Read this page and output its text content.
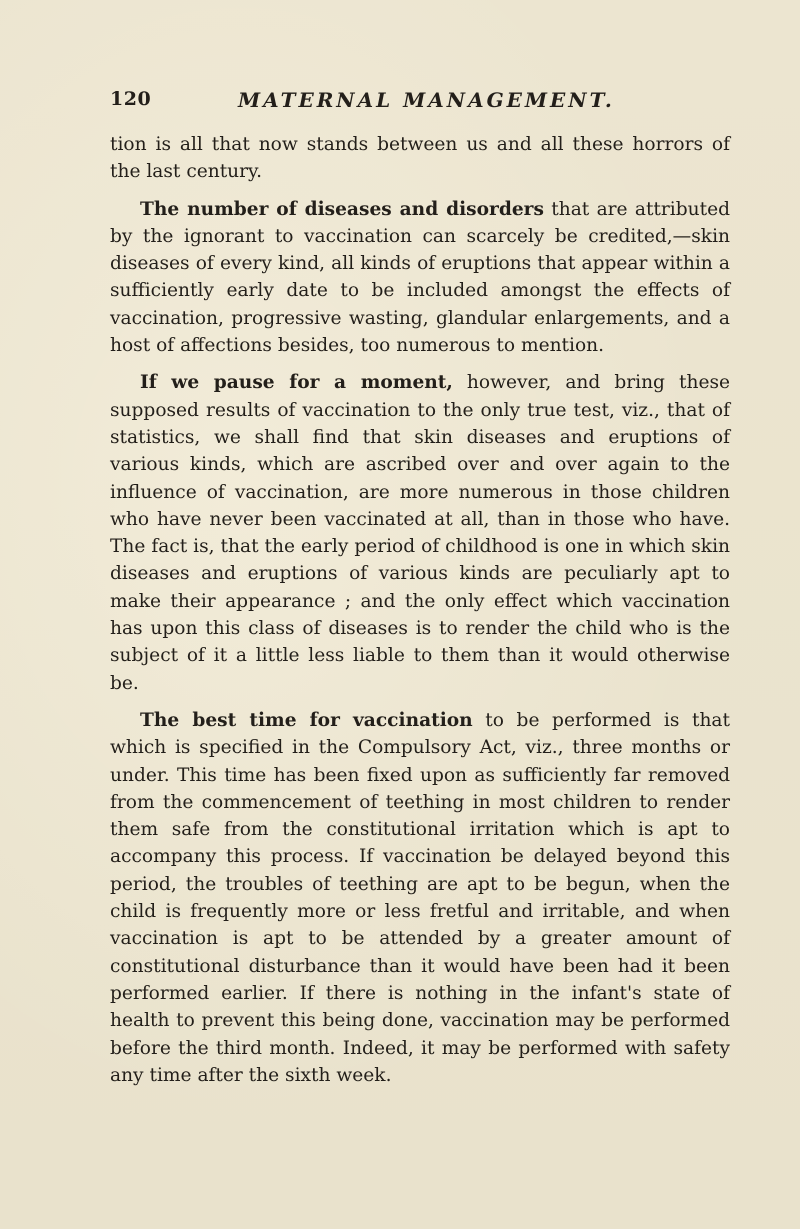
120	MATERNAL MANAGEMENT.

tion is all that now stands between us and all these horrors of the last century.

The number of diseases and disorders that are attributed by the ignorant to vaccination can scarcely be credited,—skin diseases of every kind, all kinds of eruptions that appear within a sufficiently early date to be included amongst the effects of vaccination, progressive wasting, glandular enlargements, and a host of affections besides, too numerous to mention.

If we pause for a moment, however, and bring these supposed results of vaccination to the only true test, viz., that of statistics, we shall find that skin diseases and eruptions of various kinds, which are ascribed over and over again to the influence of vaccination, are more numerous in those children who have never been vaccinated at all, than in those who have. The fact is, that the early period of childhood is one in which skin diseases and eruptions of various kinds are peculiarly apt to make their appearance ; and the only effect which vaccination has upon this class of diseases is to render the child who is the subject of it a little less liable to them than it would otherwise be.

The best time for vaccination to be performed is that which is specified in the Compulsory Act, viz., three months or under. This time has been fixed upon as sufficiently far removed from the commencement of teething in most children to render them safe from the constitutional irritation which is apt to accompany this process. If vaccination be delayed beyond this period, the troubles of teething are apt to be begun, when the child is frequently more or less fretful and irritable, and when vaccination is apt to be attended by a greater amount of constitutional disturbance than it would have been had it been performed earlier. If there is nothing in the infant's state of health to prevent this being done, vaccination may be performed before the third month. Indeed, it may be performed with safety any time after the sixth week.
